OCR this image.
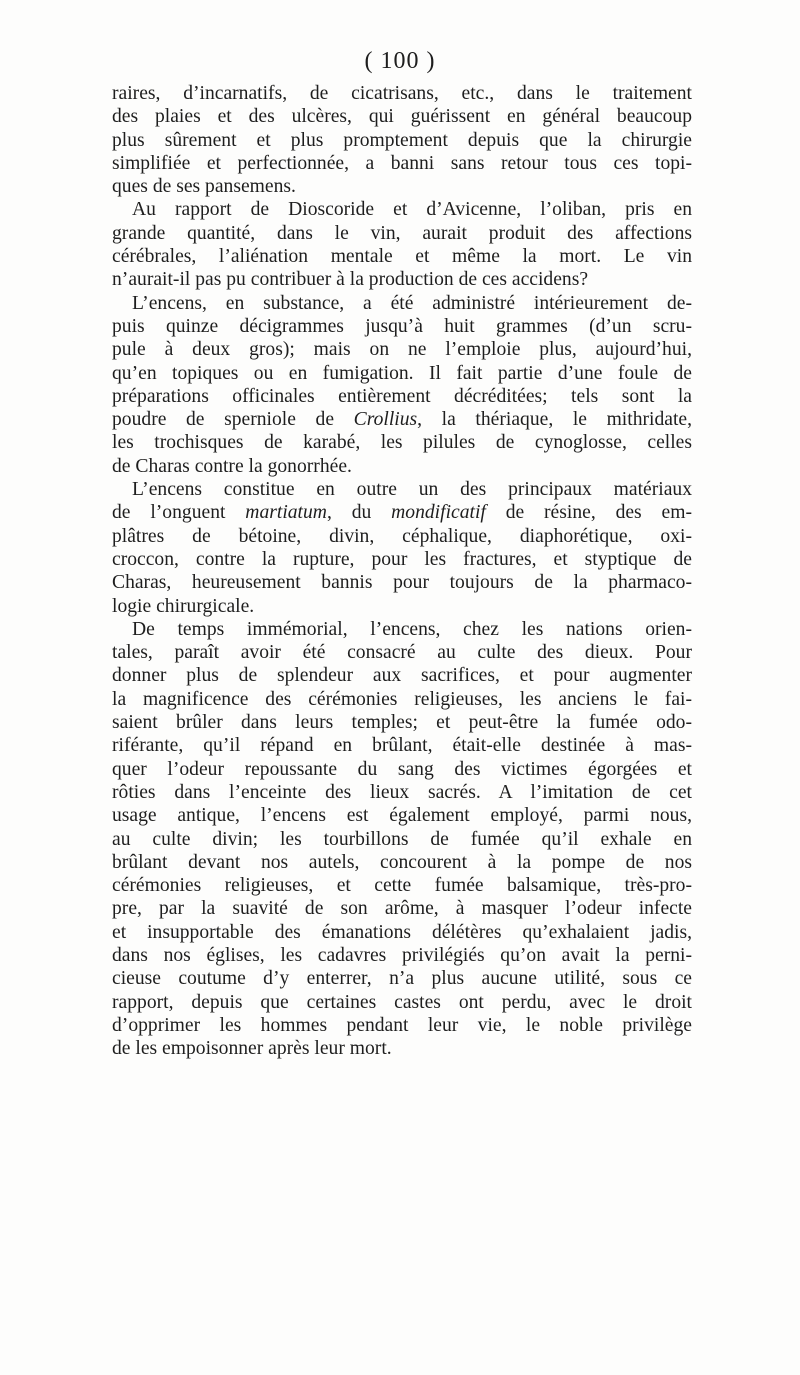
( 100 )
raires, d’incarnatifs, de cicatrisans, etc., dans le traitement
des plaies et des ulcères, qui guérissent en général beaucoup
plus sûrement et plus promptement depuis que la chirurgie
simplifiée et perfectionnée, a banni sans retour tous ces topi-
ques de ses pansemens.
Au rapport de Dioscoride et d’Avicenne, l’oliban, pris en
grande quantité, dans le vin, aurait produit des affections
cérébrales, l’aliénation mentale et même la mort. Le vin
n’aurait-il pas pu contribuer à la production de ces accidens?
L’encens, en substance, a été administré intérieurement de-
puis quinze décigrammes jusqu’à huit grammes (d’un scru-
pule à deux gros); mais on ne l’emploie plus, aujourd’hui,
qu’en topiques ou en fumigation. Il fait partie d’une foule de
préparations officinales entièrement décréditées; tels sont la
poudre de sperniole de Crollius, la thériaque, le mithridate,
les trochisques de karabé, les pilules de cynoglosse, celles
de Charas contre la gonorrhée.
L’encens constitue en outre un des principaux matériaux
de l’onguent martiatum, du mondificatif de résine, des em-
plâtres de bétoine, divin, céphalique, diaphorétique, oxi-
croccon, contre la rupture, pour les fractures, et styptique de
Charas, heureusement bannis pour toujours de la pharmaco-
logie chirurgicale.
De temps immémorial, l’encens, chez les nations orien-
tales, paraît avoir été consacré au culte des dieux. Pour
donner plus de splendeur aux sacrifices, et pour augmenter
la magnificence des cérémonies religieuses, les anciens le fai-
saient brûler dans leurs temples; et peut-être la fumée odo-
riférante, qu’il répand en brûlant, était-elle destinée à mas-
quer l’odeur repoussante du sang des victimes égorgées et
rôties dans l’enceinte des lieux sacrés. A l’imitation de cet
usage antique, l’encens est également employé, parmi nous,
au culte divin; les tourbillons de fumée qu’il exhale en
brûlant devant nos autels, concourent à la pompe de nos
cérémonies religieuses, et cette fumée balsamique, très-pro-
pre, par la suavité de son arôme, à masquer l’odeur infecte
et insupportable des émanations délétères qu’exhalaient jadis,
dans nos églises, les cadavres privilégiés qu’on avait la perni-
cieuse coutume d’y enterrer, n’a plus aucune utilité, sous ce
rapport, depuis que certaines castes ont perdu, avec le droit
d’opprimer les hommes pendant leur vie, le noble privilège
de les empoisonner après leur mort.
